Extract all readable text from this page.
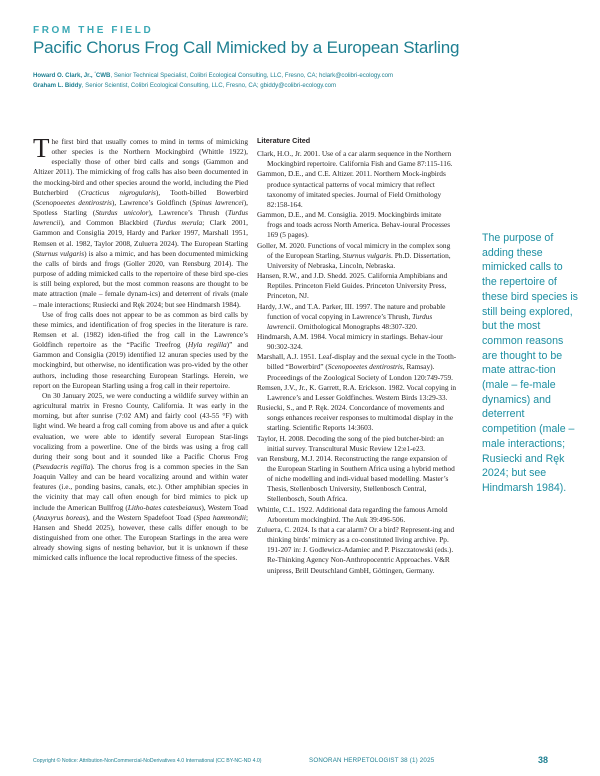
FROM THE FIELD
Pacific Chorus Frog Call Mimicked by a European Starling
Howard O. Clark, Jr., *CWB, Senior Technical Specialist, Colibri Ecological Consulting, LLC, Fresno, CA; hclark@colibri-ecology.com
Graham L. Biddy, Senior Scientist, Colibri Ecological Consulting, LLC, Fresno, CA; gbiddy@colibri-ecology.com

The first bird that usually comes to mind in terms of mimicking other species is the Northern Mockingbird (Whittle 1922), especially those of other bird calls and songs (Gammon and Altizer 2011). The mimicking of frog calls has also been documented in the mocking-bird and other species around the world, including the Pied Butcherbird (Cracticus nigrogularis), Tooth-billed Bowerbird (Scenopoeetes dentirostris), Lawrence’s Goldfinch (Spinus lawrencei), Spotless Starling (Sturdus unicolor), Lawrence’s Thrush (Turdus lawrencii), and Common Blackbird (Turdus merula; Clark 2001, Gammon and Consiglia 2019, Hardy and Parker 1997, Marshall 1951, Remsen et al. 1982, Taylor 2008, Zuluета 2024). The European Starling (Sturnus vulgaris) is also a mimic, and has been documented mimicking the calls of birds and frogs (Goller 2020, van Rensburg 2014). The purpose of adding mimicked calls to the repertoire of these bird spe-cies is still being explored, but the most common reasons are thought to be mate attraction (male – female dynam-ics) and deterrent of rivals (male – male interactions; Rusiecki and Ręk 2024; but see Hindmarsh 1984).

Use of frog calls does not appear to be as common as bird calls by these mimics, and identification of frog species in the literature is rare. Remsen et al. (1982) iden-tified the frog call in the Lawrence’s Goldfinch repertoire as the “Pacific Treefrog (Hyla regilla)” and Gammon and Consiglia (2019) identified 12 anuran species used by the mockingbird, but otherwise, no identification was pro-vided by the other authors, including those researching European Starlings. Herein, we report on the European Starling using a frog call in their repertoire.

On 30 January 2025, we were conducting a wildlife survey within an agricultural matrix in Fresno County, California. It was early in the morning, but after sunrise (7:02 AM) and fairly cool (43-55 °F) with light wind. We heard a frog call coming from above us and after a quick evaluation, we were able to identify several European Star-lings vocalizing from a powerline. One of the birds was using a frog call during their song bout and it sounded like a Pacific Chorus Frog (Pseudacris regilla). The chorus frog is a common species in the San Joaquin Valley and can be heard vocalizing around and within water features (i.e., ponding basins, canals, etc.). Other amphibian species in the vicinity that may call often enough for bird mimics to pick up include the American Bullfrog (Litho-bates catesbeianus), Western Toad (Anaxyrus boreas), and the Western Spadefoot Toad (Spea hammondii; Hansen and Shedd 2025), however, these calls differ enough to be distinguished from one other. The European Starlings in the area were already showing signs of nesting behavior, but it is unknown if these mimicked calls influence the local reproductive fitness of the species.

Literature Cited

Clark, H.O., Jr. 2001. Use of a car alarm sequence in the Northern Mockingbird repertoire. California Fish and Game 87:115-116.

Gammon, D.E., and C.E. Altizer. 2011. Northern Mock-ingbirds produce syntactical patterns of vocal mimicry that reflect taxonomy of imitated species. Journal of Field Ornithology 82:158-164.

Gammon, D.E., and M. Consiglia. 2019. Mockingbirds imitate frogs and toads across North America. Behav-ioural Processes 169 (5 pages).

Goller, M. 2020. Functions of vocal mimicry in the complex song of the European Starling, Sturnus vulgaris. Ph.D. Dissertation, University of Nebraska, Lincoln, Nebraska.

Hansen, R.W., and J.D. Shedd. 2025. California Amphibians and Reptiles. Princeton Field Guides. Princeton University Press, Princeton, NJ.

Hardy, J.W., and T.A. Parker, III. 1997. The nature and probable function of vocal copying in Lawrence’s Thrush, Turdus lawrencii. Ornithological Monographs 48:307-320.

Hindmarsh, A.M. 1984. Vocal mimicry in starlings. Behav-iour 90:302-324.

Marshall, A.J. 1951. Leaf-display and the sexual cycle in the Tooth-billed “Bowerbird” (Scenopoeetes dentirostris, Ramsay). Proceedings of the Zoological Society of London 120:749-759.

Remsen, J.V., Jr., K. Garrett, R.A. Erickson. 1982. Vocal copying in Lawrence’s and Lesser Goldfinches. Western Birds 13:29-33.

Rusiecki, S., and P. Ręk. 2024. Concordance of movements and songs enhances receiver responses to multimodal display in the starling. Scientific Reports 14:3603.

Taylor, H. 2008. Decoding the song of the pied butcher-bird: an initial survey. Transcultural Music Review 12:e1-e23.

van Rensburg, M.J. 2014. Reconstructing the range expansion of the European Starling in Southern Africa using a hybrid method of niche modelling and indi-vidual based modelling. Master’s Thesis, Stellenbosch University, Stellenbosch Central, Stellenbosch, South Africa.

Whittle, C.L. 1922. Additional data regarding the famous Arnold Arboretum mockingbird. The Auk 39:496-506.

Zuluета, C. 2024. Is that a car alarm? Or a bird? Represent-ing and thinking birds’ mimicry as a co-constituted living archive. Pp. 191-207 in: J. Godlewicz-Adamiec and P. Piszczatowski (eds.). Re-Thinking Agency Non-Anthropocentric Approaches. V&R unipress, Brill Deutschland GmbH, Göttingen, Germany.

The purpose of adding these mimicked calls to the repertoire of these bird species is still being explored, but the most common reasons are thought to be mate attrac-tion (male – fe-male dynamics) and deterrent competition (male – male interactions; Rusiecki and Ręk 2024; but see Hindmarsh 1984).
Copyright © Notice: Attribution-NonCommercial-NoDerivatives 4.0 International (CC BY-NC-ND 4.0)	SONORAN HERPETOLOGIST 38 (1) 2025	38
